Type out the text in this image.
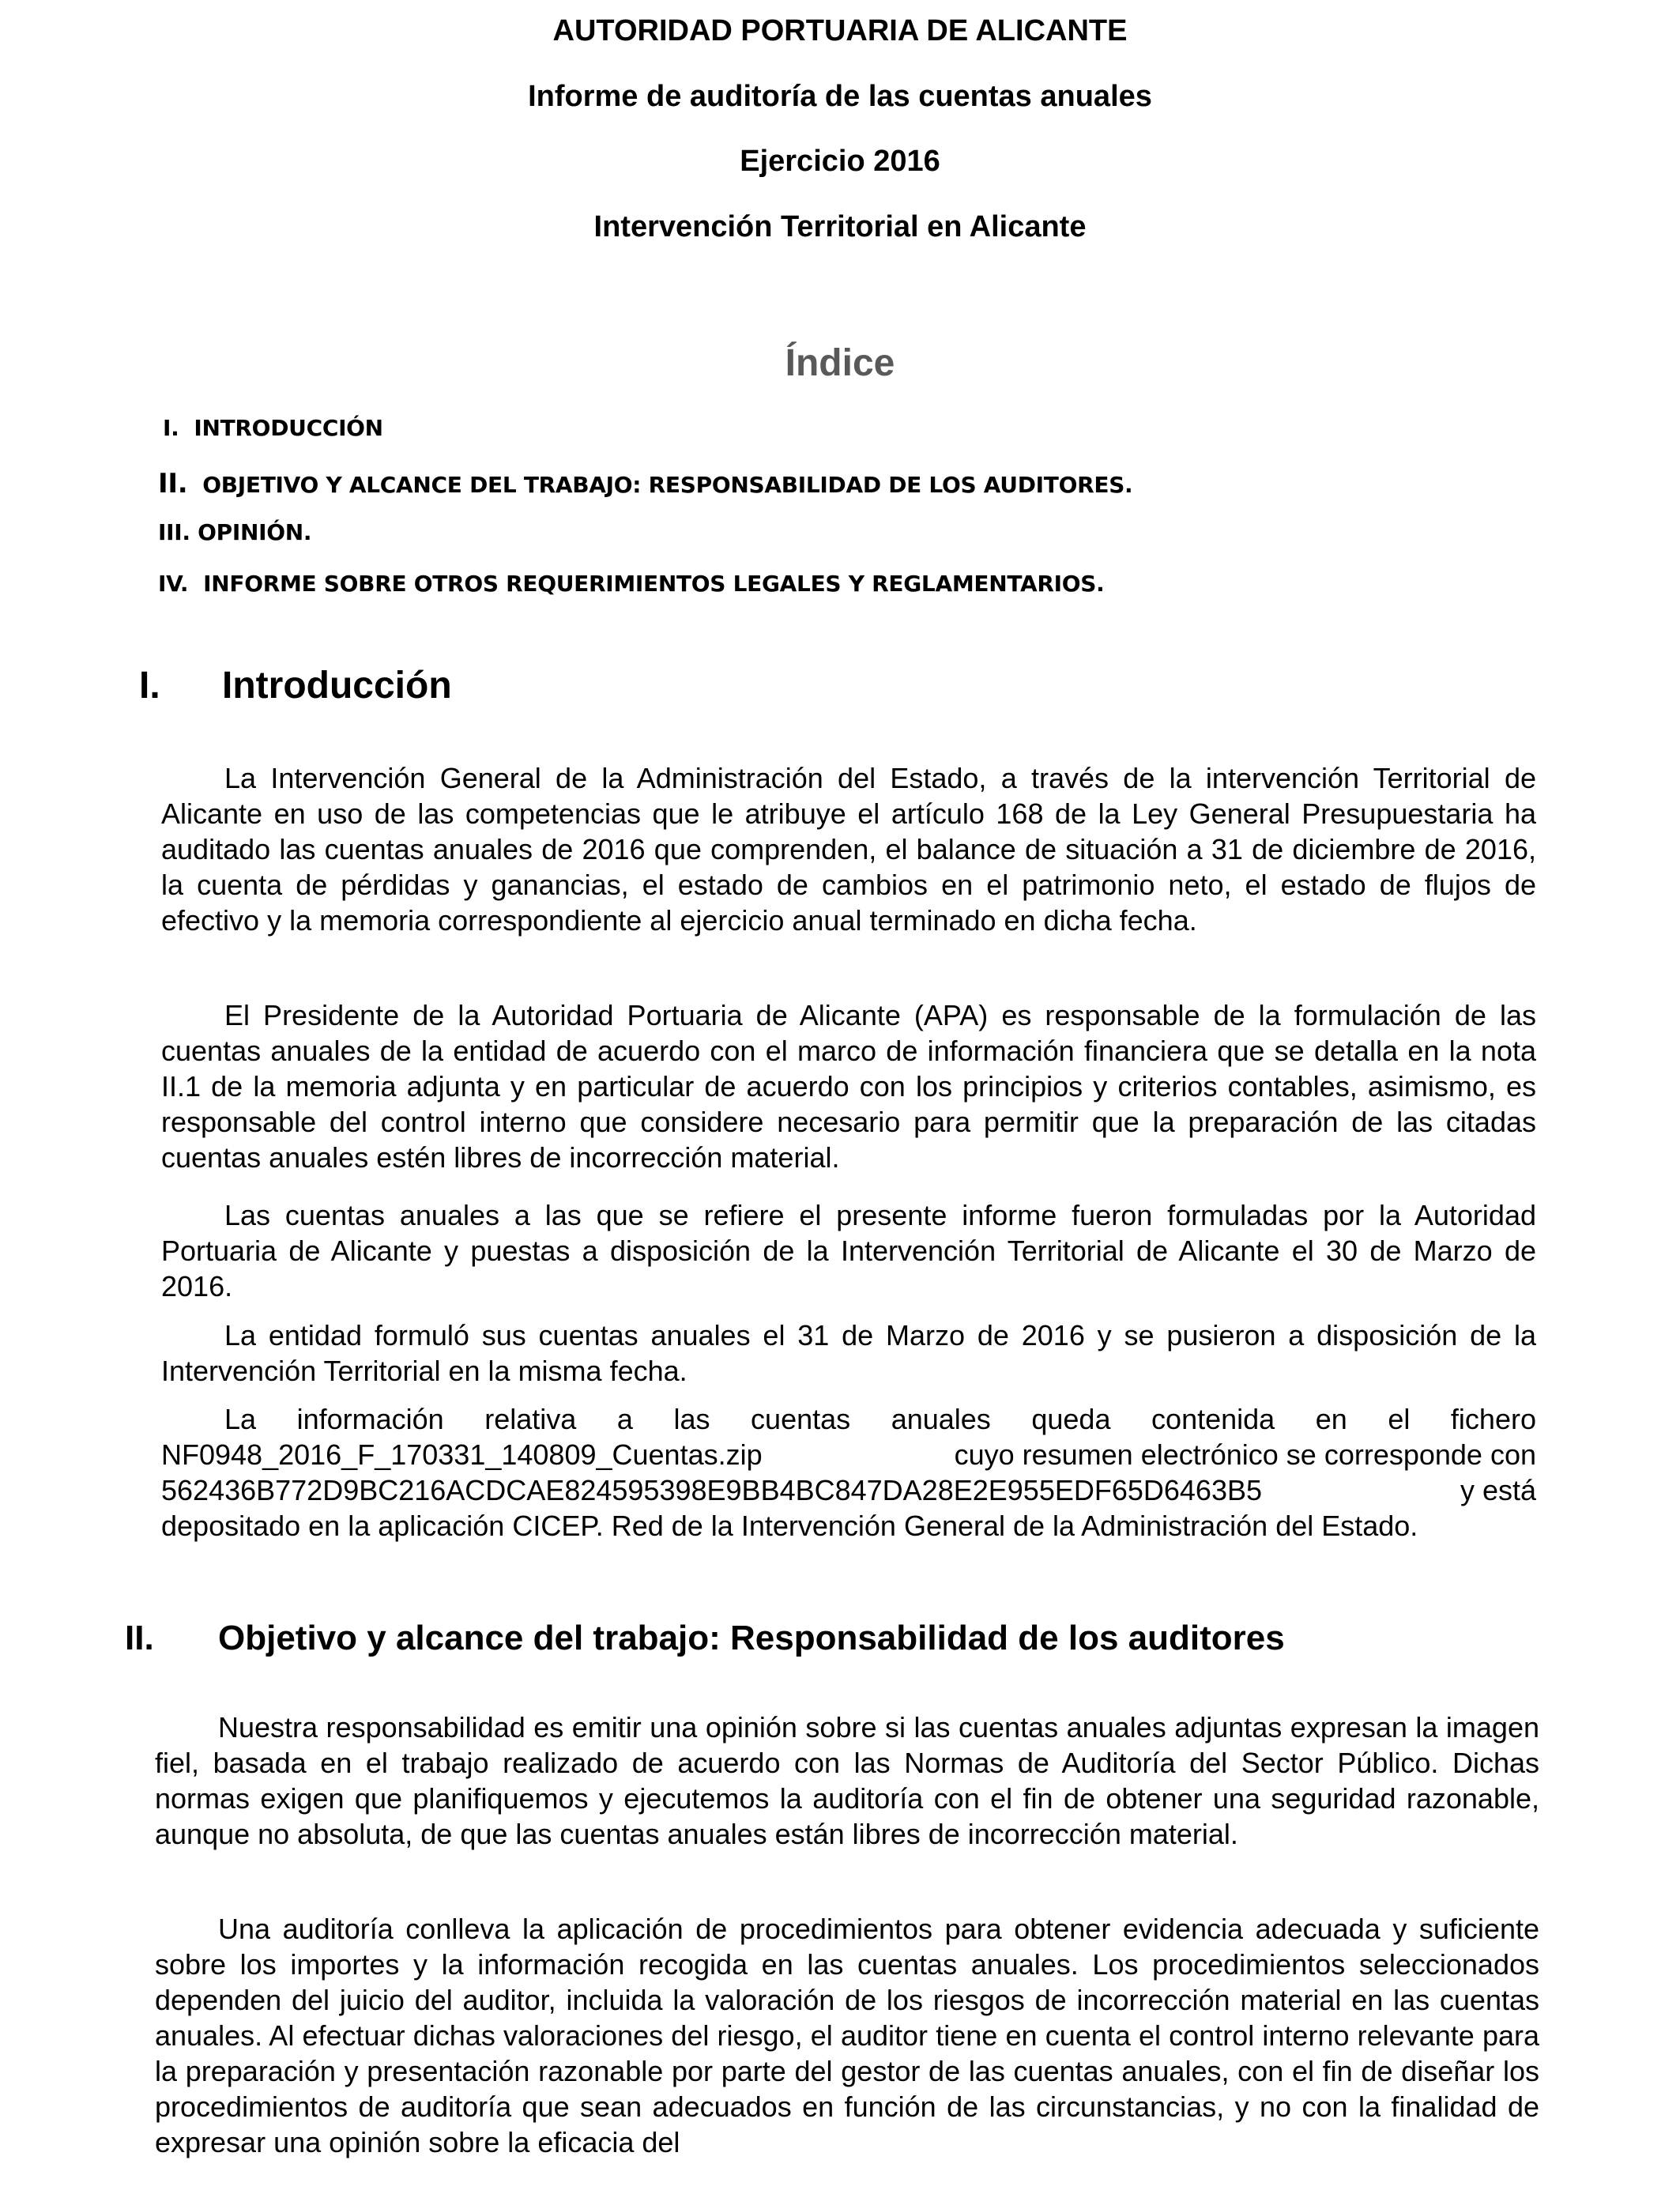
AUTORIDAD PORTUARIA DE ALICANTE
Informe de auditoría de las cuentas anuales
Ejercicio 2016
Intervención Territorial en Alicante
Índice
I. INTRODUCCIÓN
II. OBJETIVO Y ALCANCE DEL TRABAJO: RESPONSABILIDAD DE LOS AUDITORES.
III. OPINIÓN.
IV. INFORME SOBRE OTROS REQUERIMIENTOS LEGALES Y REGLAMENTARIOS.
I. Introducción
La Intervención General de la Administración del Estado, a través de la intervención Territorial de Alicante en uso de las competencias que le atribuye el artículo 168 de la Ley General Presupuestaria ha auditado las cuentas anuales de 2016 que comprenden, el balance de situación a 31 de diciembre de 2016, la cuenta de pérdidas y ganancias, el estado de cambios en el patrimonio neto, el estado de flujos de efectivo y la memoria correspondiente al ejercicio anual terminado en dicha fecha.
El Presidente de la Autoridad Portuaria de Alicante (APA) es responsable de la formulación de las cuentas anuales de la entidad de acuerdo con el marco de información financiera que se detalla en la nota II.1 de la memoria adjunta y en particular de acuerdo con los principios y criterios contables, asimismo, es responsable del control interno que considere necesario para permitir que la preparación de las citadas cuentas anuales estén libres de incorrección material.
Las cuentas anuales a las que se refiere el presente informe fueron formuladas por la Autoridad Portuaria de Alicante y puestas a disposición de la Intervención Territorial de Alicante el 30 de Marzo de 2016.
La entidad formuló sus cuentas anuales el 31 de Marzo de 2016 y se pusieron a disposición de la Intervención Territorial en la misma fecha.
La información relativa a las cuentas anuales queda contenida en el fichero
NF0948_2016_F_170331_140809_Cuentas.zip	cuyo resumen electrónico se corresponde con
562436B772D9BC216ACDCAE824595398E9BB4BC847DA28E2E955EDF65D6463B5	y está
depositado en la aplicación CICEP. Red de la Intervención General de la Administración del Estado.
II. Objetivo y alcance del trabajo: Responsabilidad de los auditores
Nuestra responsabilidad es emitir una opinión sobre si las cuentas anuales adjuntas expresan la imagen fiel, basada en el trabajo realizado de acuerdo con las Normas de Auditoría del Sector Público. Dichas normas exigen que planifiquemos y ejecutemos la auditoría con el fin de obtener una seguridad razonable, aunque no absoluta, de que las cuentas anuales están libres de incorrección material.
Una auditoría conlleva la aplicación de procedimientos para obtener evidencia adecuada y suficiente sobre los importes y la información recogida en las cuentas anuales. Los procedimientos seleccionados dependen del juicio del auditor, incluida la valoración de los riesgos de incorrección material en las cuentas anuales. Al efectuar dichas valoraciones del riesgo, el auditor tiene en cuenta el control interno relevante para la preparación y presentación razonable por parte del gestor de las cuentas anuales, con el fin de diseñar los procedimientos de auditoría que sean adecuados en función de las circunstancias, y no con la finalidad de expresar una opinión sobre la eficacia del
